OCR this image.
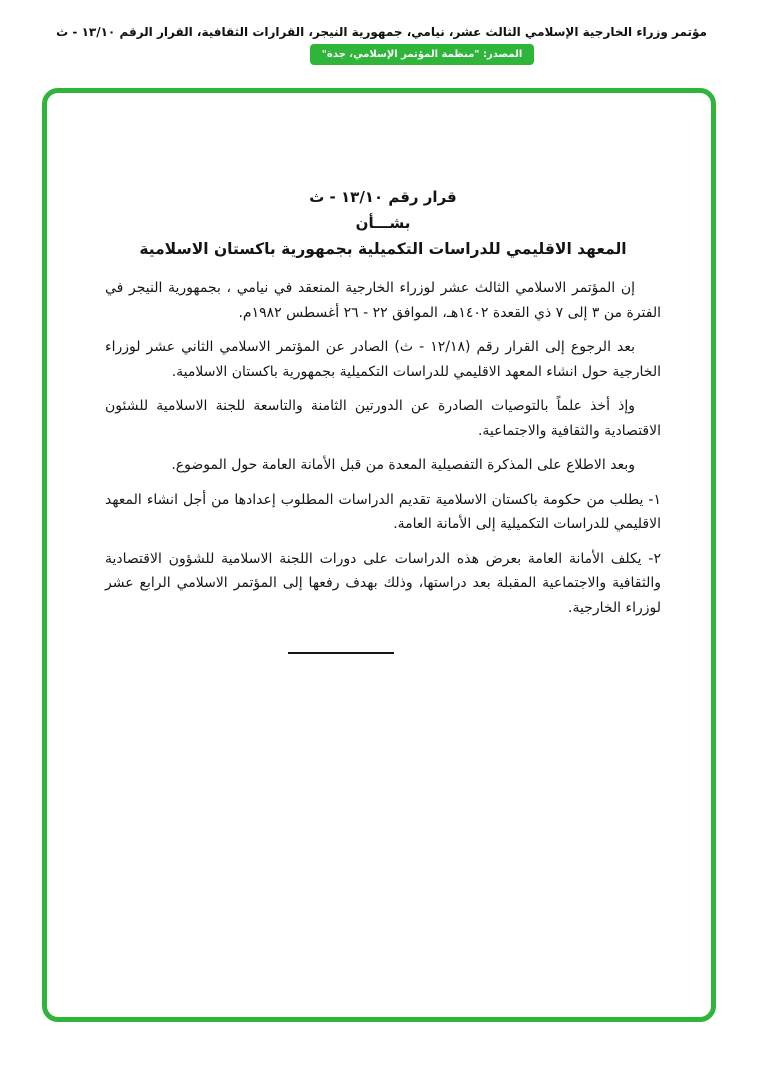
مؤتمر وزراء الخارجية الإسلامي الثالث عشر، نيامي، جمهورية النيجر، القرارات الثقافية، القرار الرقم ١٣/١٠ - ث
المصدر: "منظمة المؤتمر الإسلامي، جدة"
قرار رقم ١٣/١٠ - ث
بشـــأن
المعهد الاقليمي للدراسات التكميلية بجمهورية باكستان الاسلامية

إن المؤتمر الاسلامي الثالث عشر لوزراء الخارجية المنعقد في نيامي ، بجمهورية النيجر في الفترة من ٣ إلى ٧ ذي القعدة ١٤٠٢هـ، الموافق ٢٢ - ٢٦ أغسطس ١٩٨٢م.

بعد الرجوع إلى القرار رقم (١٢/١٨ - ث) الصادر عن المؤتمر الاسلامي الثاني عشر لوزراء الخارجية حول انشاء المعهد الاقليمي للدراسات التكميلية بجمهورية باكستان الاسلامية.

وإذ أخذ علماً بالتوصيات الصادرة عن الدورتين الثامنة والتاسعة للجنة الاسلامية للشئون الاقتصادية والثقافية والاجتماعية.

وبعد الاطلاع على المذكرة التفصيلية المعدة من قبل الأمانة العامة حول الموضوع.

١- يطلب من حكومة باكستان الاسلامية تقديم الدراسات المطلوب إعدادها من أجل انشاء المعهد الاقليمي للدراسات التكميلية إلى الأمانة العامة.

٢- يكلف الأمانة العامة بعرض هذه الدراسات على دورات اللجنة الاسلامية للشؤون الاقتصادية والثقافية والاجتماعية المقبلة بعد دراستها، وذلك بهدف رفعها إلى المؤتمر الاسلامي الرابع عشر لوزراء الخارجية.
